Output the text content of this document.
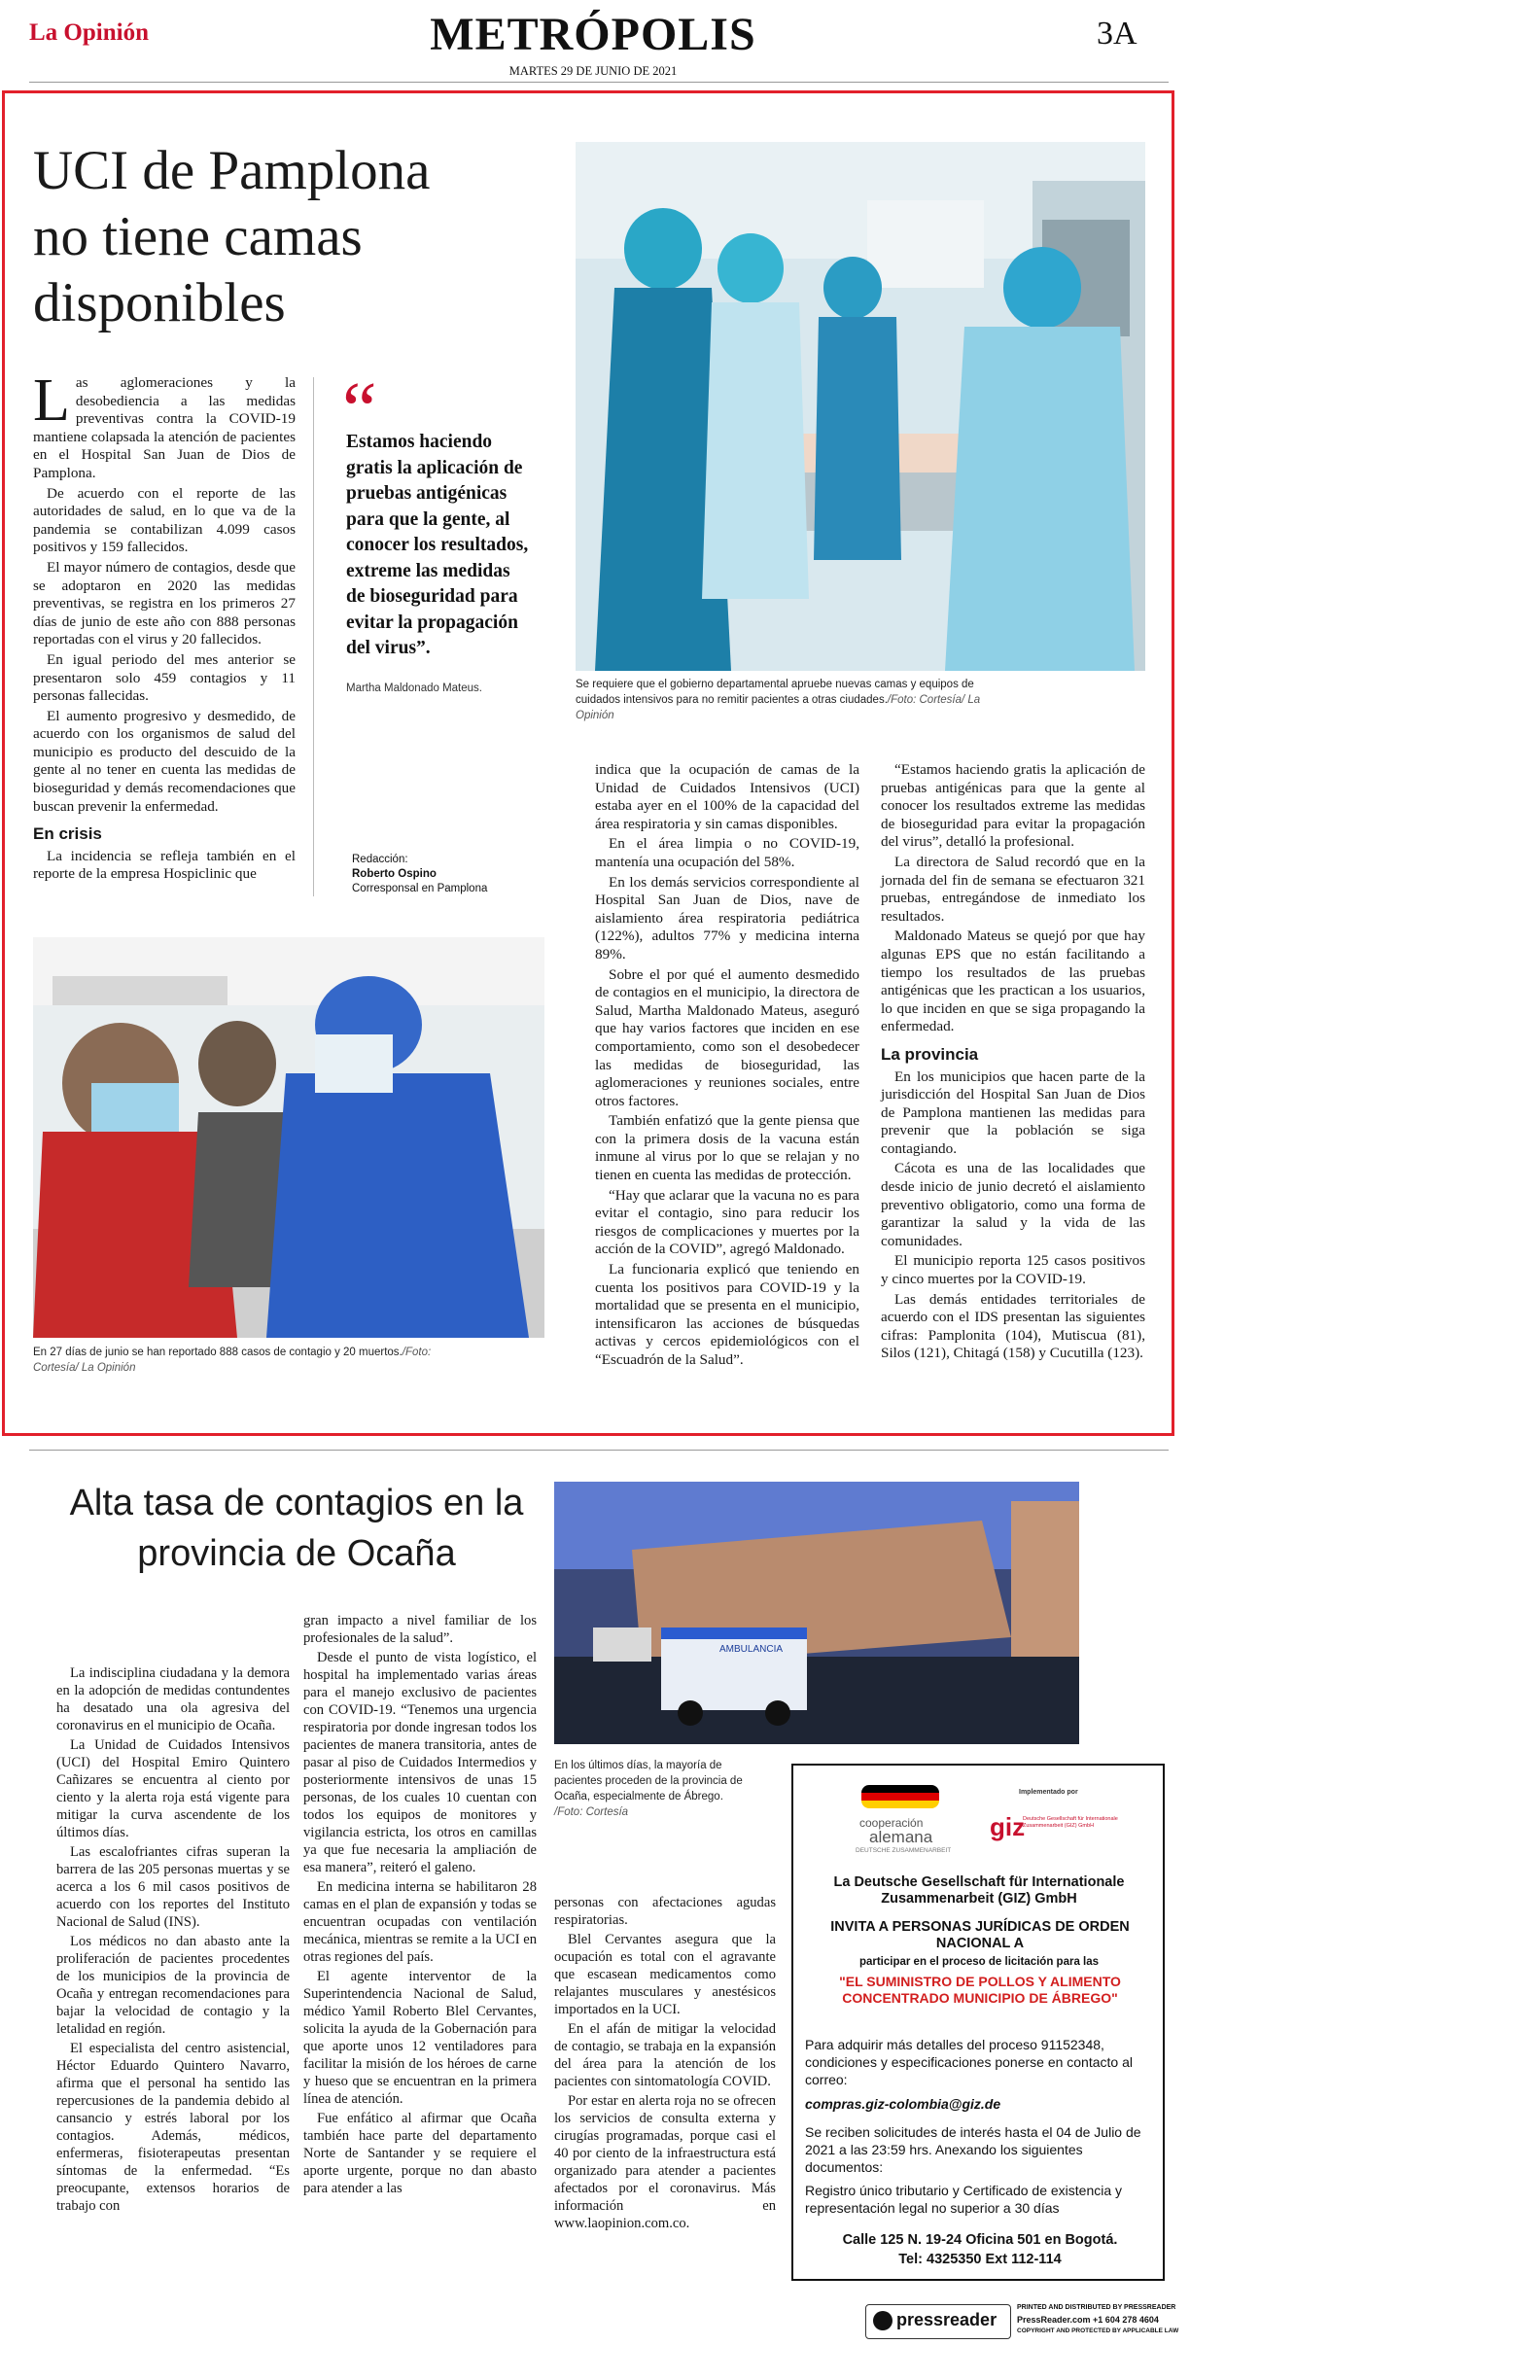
La Opinión	METRÓPOLIS
MARTES 29 DE JUNIO DE 2021
3A
UCI de Pamplona no tiene camas disponibles
Se requiere que el gobierno departamental apruebe nuevas camas y equipos de cuidados intensivos para no remitir pacientes a otras ciudades./Foto: Cortesía/ La Opinión

Las aglomeraciones y la desobediencia a las medidas preventivas contra la COVID-19 mantiene colapsada la atención de pacientes en el Hospital San Juan de Dios de Pamplona.

De acuerdo con el reporte de las autoridades de salud, en lo que va de la pandemia se contabilizan 4.099 casos positivos y 159 fallecidos.

El mayor número de contagios, desde que se adoptaron en 2020 las medidas preventivas, se registra en los primeros 27 días de junio de este año con 888 personas reportadas con el virus y 20 fallecidos.

En igual periodo del mes anterior se presentaron solo 459 contagios y 11 personas fallecidas.

El aumento progresivo y desmedido, de acuerdo con los organismos de salud del municipio es producto del descuido de la gente al no tener en cuenta las medidas de bioseguridad y demás recomendaciones que buscan prevenir la enfermedad.

En crisis

La incidencia se refleja también en el reporte de la empresa Hospiclinic que

“
Estamos haciendo gratis la aplicación de pruebas antigénicas para que la gente, al conocer los resultados, extreme las medidas de bioseguridad para evitar la propagación del virus”.
Martha Maldonado Mateus.
Redacción:
Roberto Ospino
Corresponsal en Pamplona
En 27 días de junio se han reportado 888 casos de contagio y 20 muertos./Foto: Cortesía/ La Opinión

indica que la ocupación de camas de la Unidad de Cuidados Intensivos (UCI) estaba ayer en el 100% de la capacidad del área respiratoria y sin camas disponibles.

En el área limpia o no COVID-19, mantenía una ocupación del 58%.

En los demás servicios correspondiente al Hospital San Juan de Dios, nave de aislamiento área respiratoria pediátrica (122%), adultos 77% y medicina interna 89%.

Sobre el por qué el aumento desmedido de contagios en el municipio, la directora de Salud, Martha Maldonado Mateus, aseguró que hay varios factores que inciden en ese comportamiento, como son el desobedecer las medidas de bioseguridad, las aglomeraciones y reuniones sociales, entre otros factores.

También enfatizó que la gente piensa que con la primera dosis de la vacuna están inmune al virus por lo que se relajan y no tienen en cuenta las medidas de protección.

“Hay que aclarar que la vacuna no es para evitar el contagio, sino para reducir los riesgos de complicaciones y muertes por la acción de la COVID”, agregó Maldonado.

La funcionaria explicó que teniendo en cuenta los positivos para COVID-19 y la mortalidad que se presenta en el municipio, intensificaron las acciones de búsquedas activas y cercos epidemiológicos con el “Escuadrón de la Salud”.

“Estamos haciendo gratis la aplicación de pruebas antigénicas para que la gente al conocer los resultados extreme las medidas de bioseguridad para evitar la propagación del virus”, detalló la profesional.

La directora de Salud recordó que en la jornada del fin de semana se efectuaron 321 pruebas, entregándose de inmediato los resultados.

Maldonado Mateus se quejó por que hay algunas EPS que no están facilitando a tiempo los resultados de las pruebas antigénicas que les practican a los usuarios, lo que inciden en que se siga propagando la enfermedad.

La provincia

En los municipios que hacen parte de la jurisdicción del Hospital San Juan de Dios de Pamplona mantienen las medidas para prevenir que la población se siga contagiando.

Cácota es una de las localidades que desde inicio de junio decretó el aislamiento preventivo obligatorio, como una forma de garantizar la salud y la vida de las comunidades.

El municipio reporta 125 casos positivos y cinco muertes por la COVID-19.

Las demás entidades territoriales de acuerdo con el IDS presentan las siguientes cifras: Pamplonita (104), Mutiscua (81), Silos (121), Chitagá (158) y Cucutilla (123).

Alta tasa de contagios en la provincia de Ocaña
AMBULANCIA
En los últimos días, la mayoría de pacientes proceden de la provincia de Ocaña, especialmente de Ábrego.
/Foto: Cortesía

La indisciplina ciudadana y la demora en la adopción de medidas contundentes ha desatado una ola agresiva del coronavirus en el municipio de Ocaña.

La Unidad de Cuidados Intensivos (UCI) del Hospital Emiro Quintero Cañizares se encuentra al ciento por ciento y la alerta roja está vigente para mitigar la curva ascendente de los últimos días.

Las escalofriantes cifras superan la barrera de las 205 personas muertas y se acerca a los 6 mil casos positivos de acuerdo con los reportes del Instituto Nacional de Salud (INS).

Los médicos no dan abasto ante la proliferación de pacientes procedentes de los municipios de la provincia de Ocaña y entregan recomendaciones para bajar la velocidad de contagio y la letalidad en región.

El especialista del centro asistencial, Héctor Eduardo Quintero Navarro, afirma que el personal ha sentido las repercusiones de la pandemia debido al cansancio y estrés laboral por los contagios. Además, médicos, enfermeras, fisioterapeutas presentan síntomas de la enfermedad. “Es preocupante, extensos horarios de trabajo con

gran impacto a nivel familiar de los profesionales de la salud”.

Desde el punto de vista logístico, el hospital ha implementado varias áreas para el manejo exclusivo de pacientes con COVID-19. “Tenemos una urgencia respiratoria por donde ingresan todos los pacientes de manera transitoria, antes de pasar al piso de Cuidados Intermedios y posteriormente intensivos de unas 15 personas, de los cuales 10 cuentan con todos los equipos de monitores y vigilancia estricta, los otros en camillas ya que fue necesaria la ampliación de esa manera”, reiteró el galeno.

En medicina interna se habilitaron 28 camas en el plan de expansión y todas se encuentran ocupadas con ventilación mecánica, mientras se remite a la UCI en otras regiones del país.

El agente interventor de la Superintendencia Nacional de Salud, médico Yamil Roberto Blel Cervantes, solicita la ayuda de la Gobernación para que aporte unos 12 ventiladores para facilitar la misión de los héroes de carne y hueso que se encuentran en la primera línea de atención.

Fue enfático al afirmar que Ocaña también hace parte del departamento Norte de Santander y se requiere el aporte urgente, porque no dan abasto para atender a las

personas con afectaciones agudas respiratorias.

Blel Cervantes asegura que la ocupación es total con el agravante que escasean medicamentos como relajantes musculares y anestésicos importados en la UCI.

En el afán de mitigar la velocidad de contagio, se trabaja en la expansión del área para la atención de los pacientes con sintomatología COVID.

Por estar en alerta roja no se ofrecen los servicios de consulta externa y cirugías programadas, porque casi el 40 por ciento de la infraestructura está organizado para atender a pacientes afectados por el coronavirus. Más información en www.laopinion.com.co.

cooperación
alemana
DEUTSCHE ZUSAMMENARBEIT
Implementado por
giz
Deutsche Gesellschaft für Internationale Zusammenarbeit (GIZ) GmbH
La Deutsche Gesellschaft für Internationale Zusammenarbeit (GIZ) GmbH
INVITA A PERSONAS JURÍDICAS DE ORDEN NACIONAL A
participar en el proceso de licitación para las
"EL SUMINISTRO DE POLLOS Y ALIMENTO CONCENTRADO MUNICIPIO DE ÁBREGO"
Para adquirir más detalles del proceso 91152348, condiciones y especificaciones ponerse en contacto al correo:
compras.giz-colombia@giz.de
Se reciben solicitudes de interés hasta el 04 de Julio de 2021 a las 23:59 hrs. Anexando los siguientes documentos:
Registro único tributario y Certificado de existencia y representación legal no superior a 30 días
Calle 125 N. 19-24 Oficina 501 en Bogotá.
Tel: 4325350 Ext 112-114
pressreader
PRINTED AND DISTRIBUTED BY PRESSREADER
PressReader.com +1 604 278 4604
COPYRIGHT AND PROTECTED BY APPLICABLE LAW
